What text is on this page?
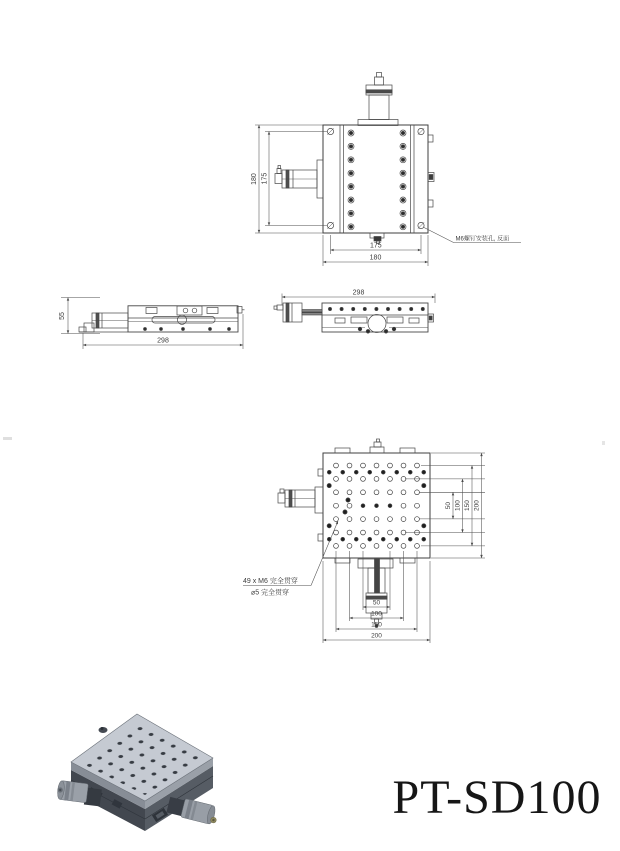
180 175
175
180
M6螺钉安装孔, 反面
55
298
298
50 100 150 200
50
100
150
200
49 x M6 完全贯穿
⌀5 完全贯穿
PT-SD100
